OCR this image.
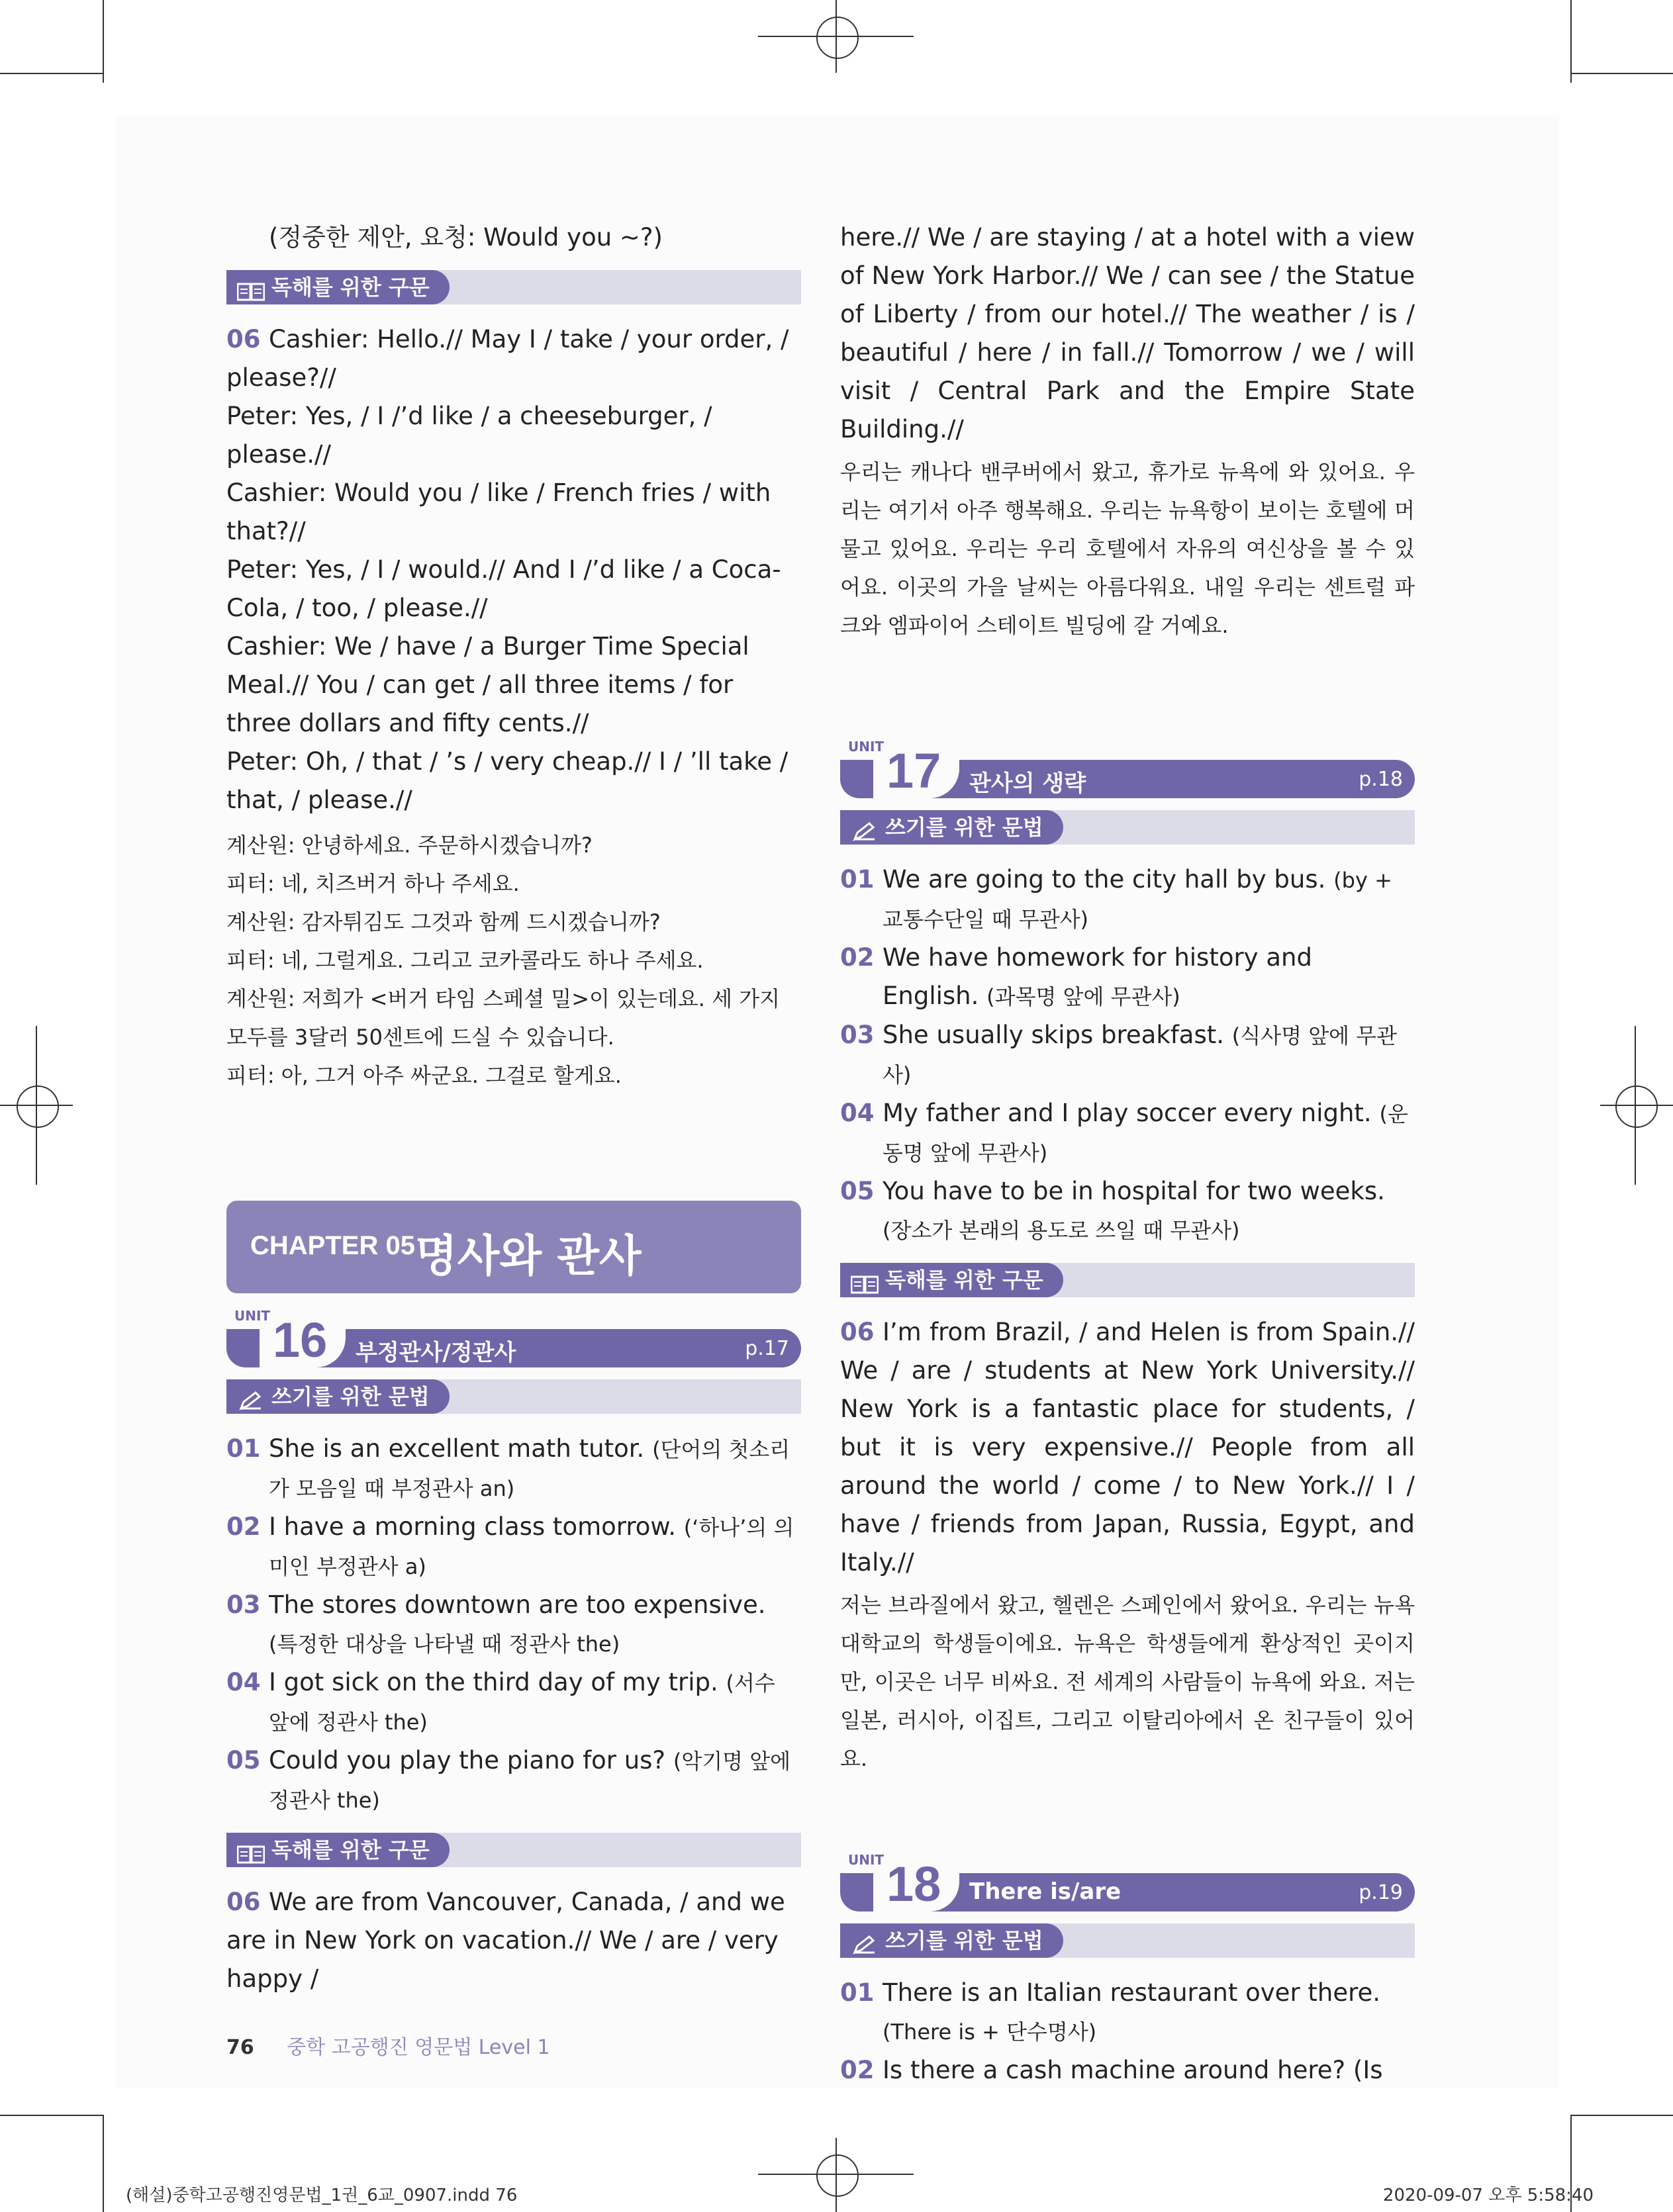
(정중한 제안, 요청: Would you ~?)
독해를 위한 구문
06 Cashier: Hello.// May I / take / your order, / please?//
Peter: Yes, / I /’d like / a cheeseburger, / please.//
Cashier: Would you / like / French fries / with that?//
Peter: Yes, / I / would.// And I /’d like / a Coca-Cola, / too, / please.//
Cashier: We / have / a Burger Time Special Meal.// You / can get / all three items / for three dollars and fifty cents.//
Peter: Oh, / that / ’s / very cheap.// I / ’ll take / that, / please.//
계산원: 안녕하세요. 주문하시겠습니까?
피터: 네, 치즈버거 하나 주세요.
계산원: 감자튀김도 그것과 함께 드시겠습니까?
피터: 네, 그럴게요. 그리고 코카콜라도 하나 주세요.
계산원: 저희가 <버거 타임 스페셜 밀>이 있는데요. 세 가지 모두를 3달러 50센트에 드실 수 있습니다.
피터: 아, 그거 아주 싸군요. 그걸로 할게요.
CHAPTER 05 명사와 관사
UNIT 16 부정관사/정관사	p.17
쓰기를 위한 문법
01 She is an excellent math tutor. (단어의 첫소리가 모음일 때 부정관사 an)
02 I have a morning class tomorrow. (‘하나’의 의미인 부정관사 a)
03 The stores downtown are too expensive. (특정한 대상을 나타낼 때 정관사 the)
04 I got sick on the third day of my trip. (서수 앞에 정관사 the)
05 Could you play the piano for us? (악기명 앞에 정관사 the)
독해를 위한 구문
06 We are from Vancouver, Canada, / and we are in New York on vacation.// We / are / very happy /
here.// We / are staying / at a hotel with a view of New York Harbor.// We / can see / the Statue of Liberty / from our hotel.// The weather / is / beautiful / here / in fall.// Tomorrow / we / will visit / Central Park and the Empire State Building.//
우리는 캐나다 밴쿠버에서 왔고, 휴가로 뉴욕에 와 있어요. 우리는 여기서 아주 행복해요. 우리는 뉴욕항이 보이는 호텔에 머물고 있어요. 우리는 우리 호텔에서 자유의 여신상을 볼 수 있어요. 이곳의 가을 날씨는 아름다워요. 내일 우리는 센트럴 파크와 엠파이어 스테이트 빌딩에 갈 거예요.
UNIT 17 관사의 생략	p.18
쓰기를 위한 문법
01 We are going to the city hall by bus. (by + 교통수단일 때 무관사)
02 We have homework for history and English. (과목명 앞에 무관사)
03 She usually skips breakfast. (식사명 앞에 무관사)
04 My father and I play soccer every night. (운동명 앞에 무관사)
05 You have to be in hospital for two weeks. (장소가 본래의 용도로 쓰일 때 무관사)
독해를 위한 구문
06 I’m from Brazil, / and Helen is from Spain.// We / are / students at New York University.// New York is a fantastic place for students, / but it is very expensive.// People from all around the world / come / to New York.// I / have / friends from Japan, Russia, Egypt, and Italy.//
저는 브라질에서 왔고, 헬렌은 스페인에서 왔어요. 우리는 뉴욕대학교의 학생들이에요. 뉴욕은 학생들에게 환상적인 곳이지만, 이곳은 너무 비싸요. 전 세계의 사람들이 뉴욕에 와요. 저는 일본, 러시아, 이집트, 그리고 이탈리아에서 온 친구들이 있어요.
UNIT 18 There is/are	p.19
쓰기를 위한 문법
01 There is an Italian restaurant over there. (There is + 단수명사)
02 Is there a cash machine around here? (Is
76 중학 고공행진 영문법 Level 1
(해설)중학고공행진영문법_1권_6교_0907.indd 76	2020-09-07 오후 5:58:40
